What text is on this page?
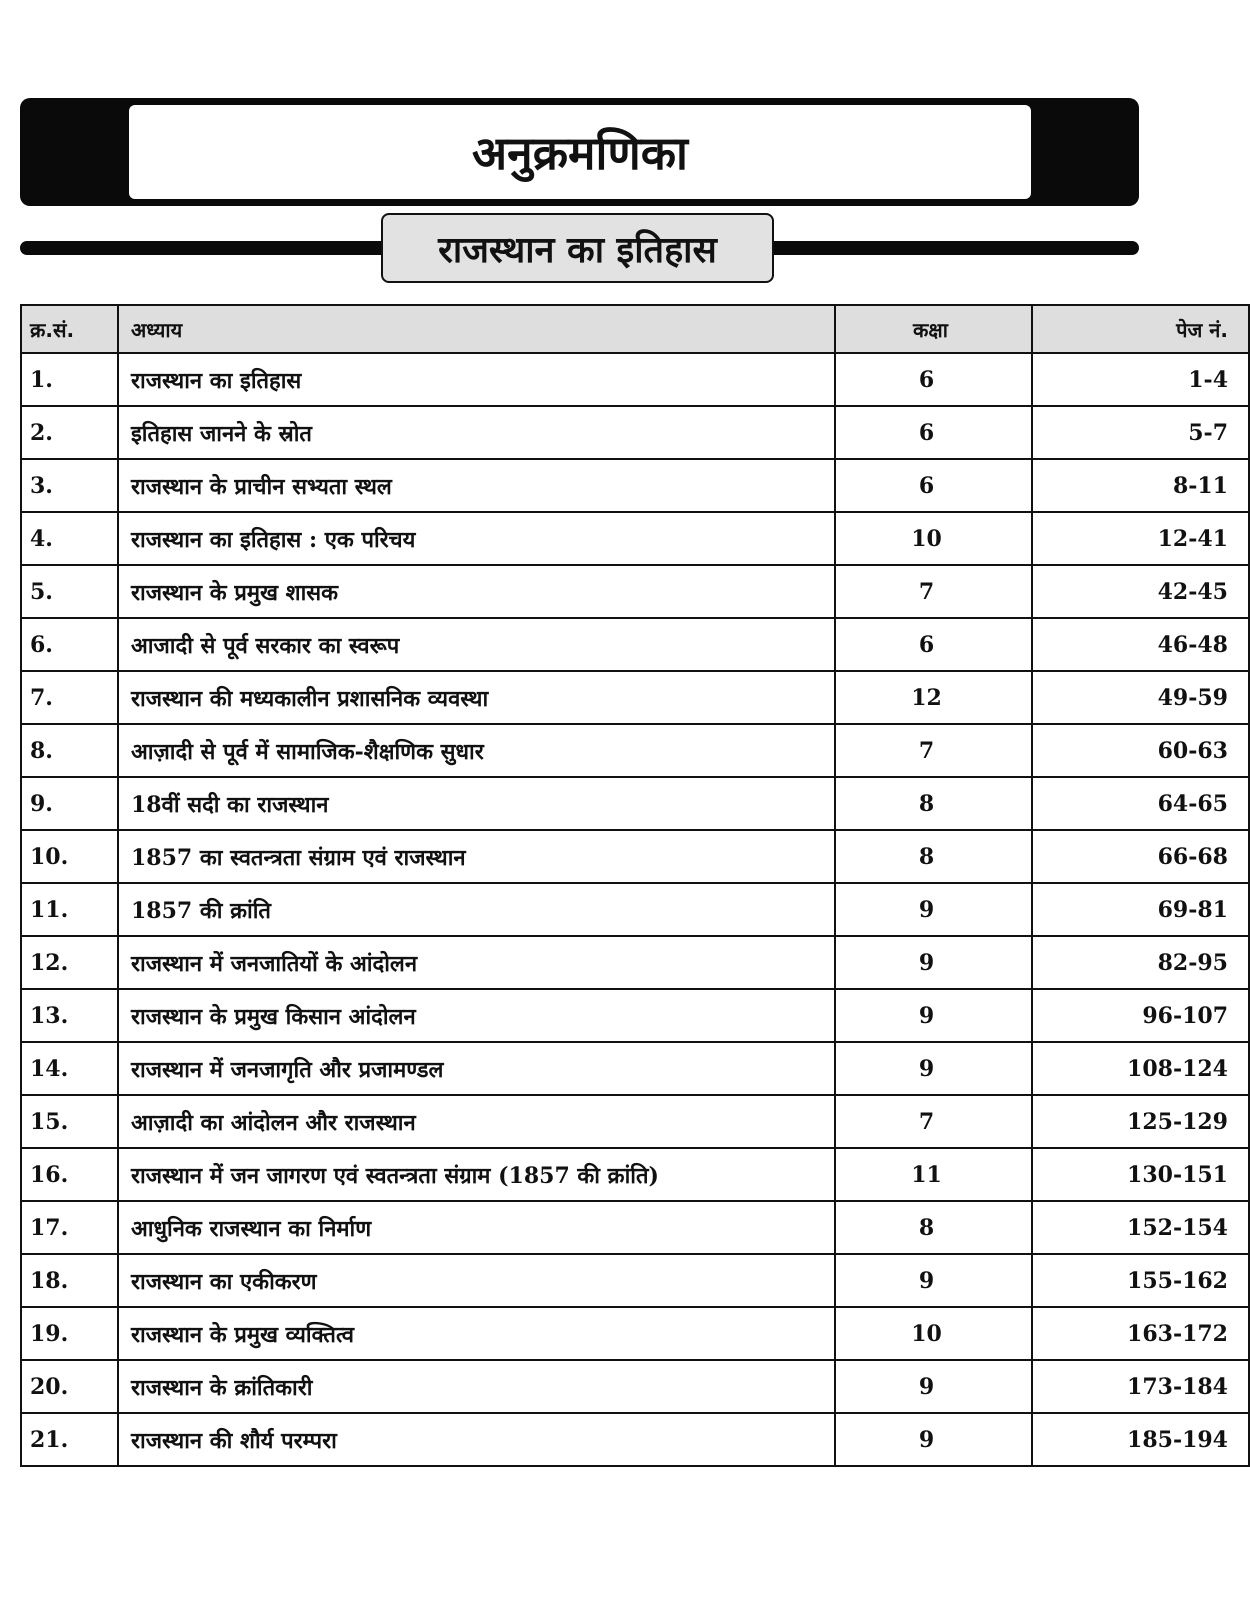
अनुक्रमणिका
राजस्थान का इतिहास
क्र.सं.	अध्याय	कक्षा	पेज नं.
1.	राजस्थान का इतिहास	6	1-4
2.	इतिहास जानने के स्रोत	6	5-7
3.	राजस्थान के प्राचीन सभ्यता स्थल	6	8-11
4.	राजस्थान का इतिहास : एक परिचय	10	12-41
5.	राजस्थान के प्रमुख शासक	7	42-45
6.	आजादी से पूर्व सरकार का स्वरूप	6	46-48
7.	राजस्थान की मध्यकालीन प्रशासनिक व्यवस्था	12	49-59
8.	आज़ादी से पूर्व में सामाजिक-शैक्षणिक सुधार	7	60-63
9.	18वीं सदी का राजस्थान	8	64-65
10.	1857 का स्वतन्त्रता संग्राम एवं राजस्थान	8	66-68
11.	1857 की क्रांति	9	69-81
12.	राजस्थान में जनजातियों के आंदोलन	9	82-95
13.	राजस्थान के प्रमुख किसान आंदोलन	9	96-107
14.	राजस्थान में जनजागृति और प्रजामण्डल	9	108-124
15.	आज़ादी का आंदोलन और राजस्थान	7	125-129
16.	राजस्थान में जन जागरण एवं स्वतन्त्रता संग्राम (1857 की क्रांति)	11	130-151
17.	आधुनिक राजस्थान का निर्माण	8	152-154
18.	राजस्थान का एकीकरण	9	155-162
19.	राजस्थान के प्रमुख व्यक्तित्व	10	163-172
20.	राजस्थान के क्रांतिकारी	9	173-184
21.	राजस्थान की शौर्य परम्परा	9	185-194
